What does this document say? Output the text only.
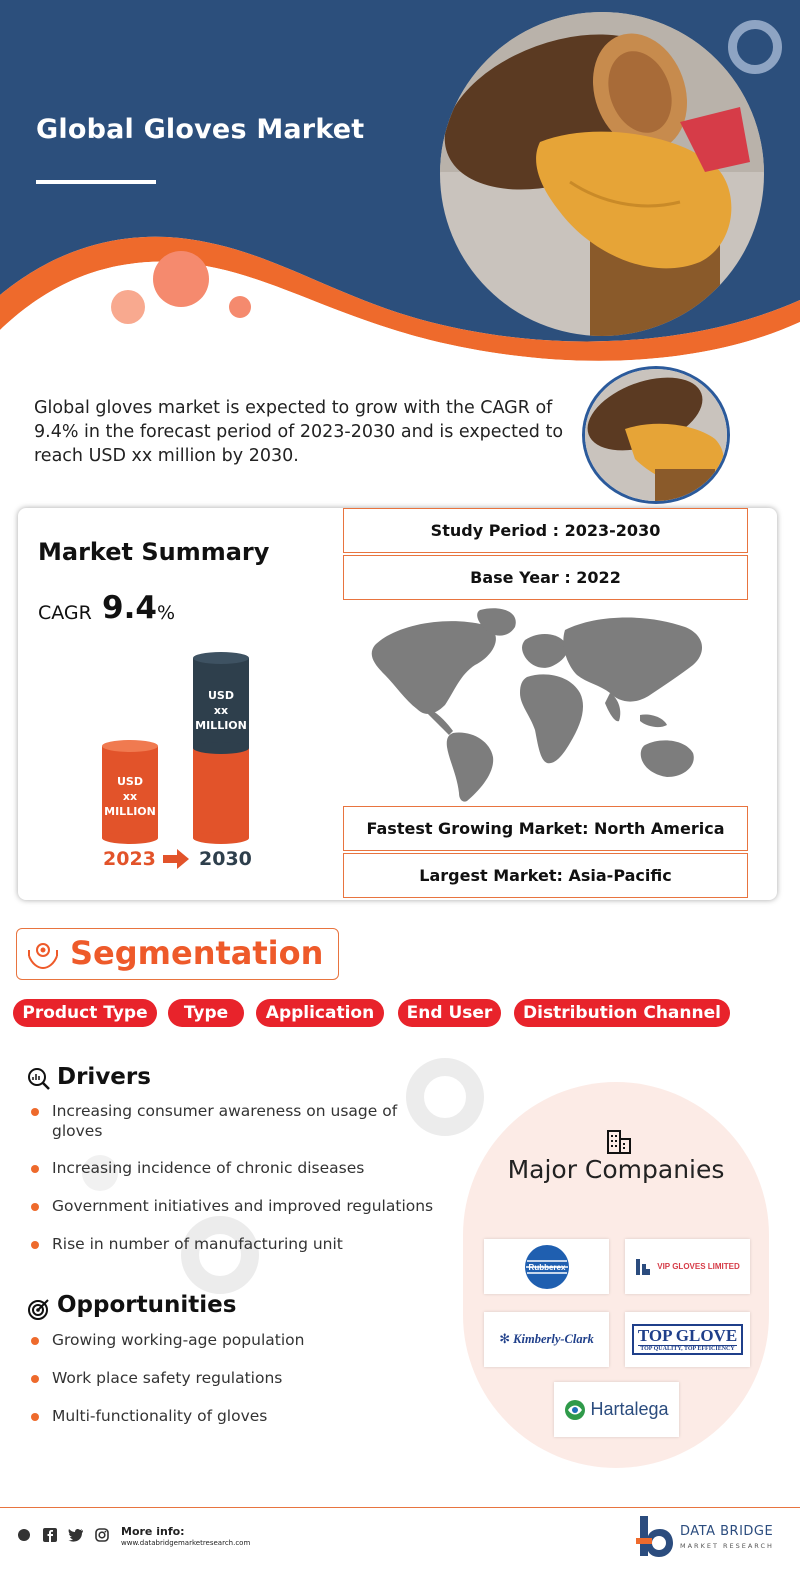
Global Gloves Market
Global gloves market is expected to grow with the CAGR of 9.4% in the forecast period of 2023-2030 and is expected to reach USD xx million by 2030.
Market Summary
CAGR 9.4 %
USD
xx
MILLION
USD
xx
MILLION
2023 2030
Study Period : 2023-2030
Base Year : 2022
Fastest Growing Market: North America
Largest Market: Asia-Pacific
Segmentation
Product Type Type Application End User Distribution Channel
Drivers
Increasing consumer awareness on usage of gloves
Increasing incidence of chronic diseases
Government initiatives and improved regulations
Rise in number of manufacturing unit
Opportunities
Growing working-age population
Work place safety regulations
Multi-functionality of gloves
Major Companies
Rubberex	VIP GLOVES LIMITED
✻ Kimberly-Clark	TOP GLOVE
TOP QUALITY, TOP EFFICIENCY
Hartalega
More info:
www.databridgemarketresearch.com
DATA BRIDGE
MARKET RESEARCH
